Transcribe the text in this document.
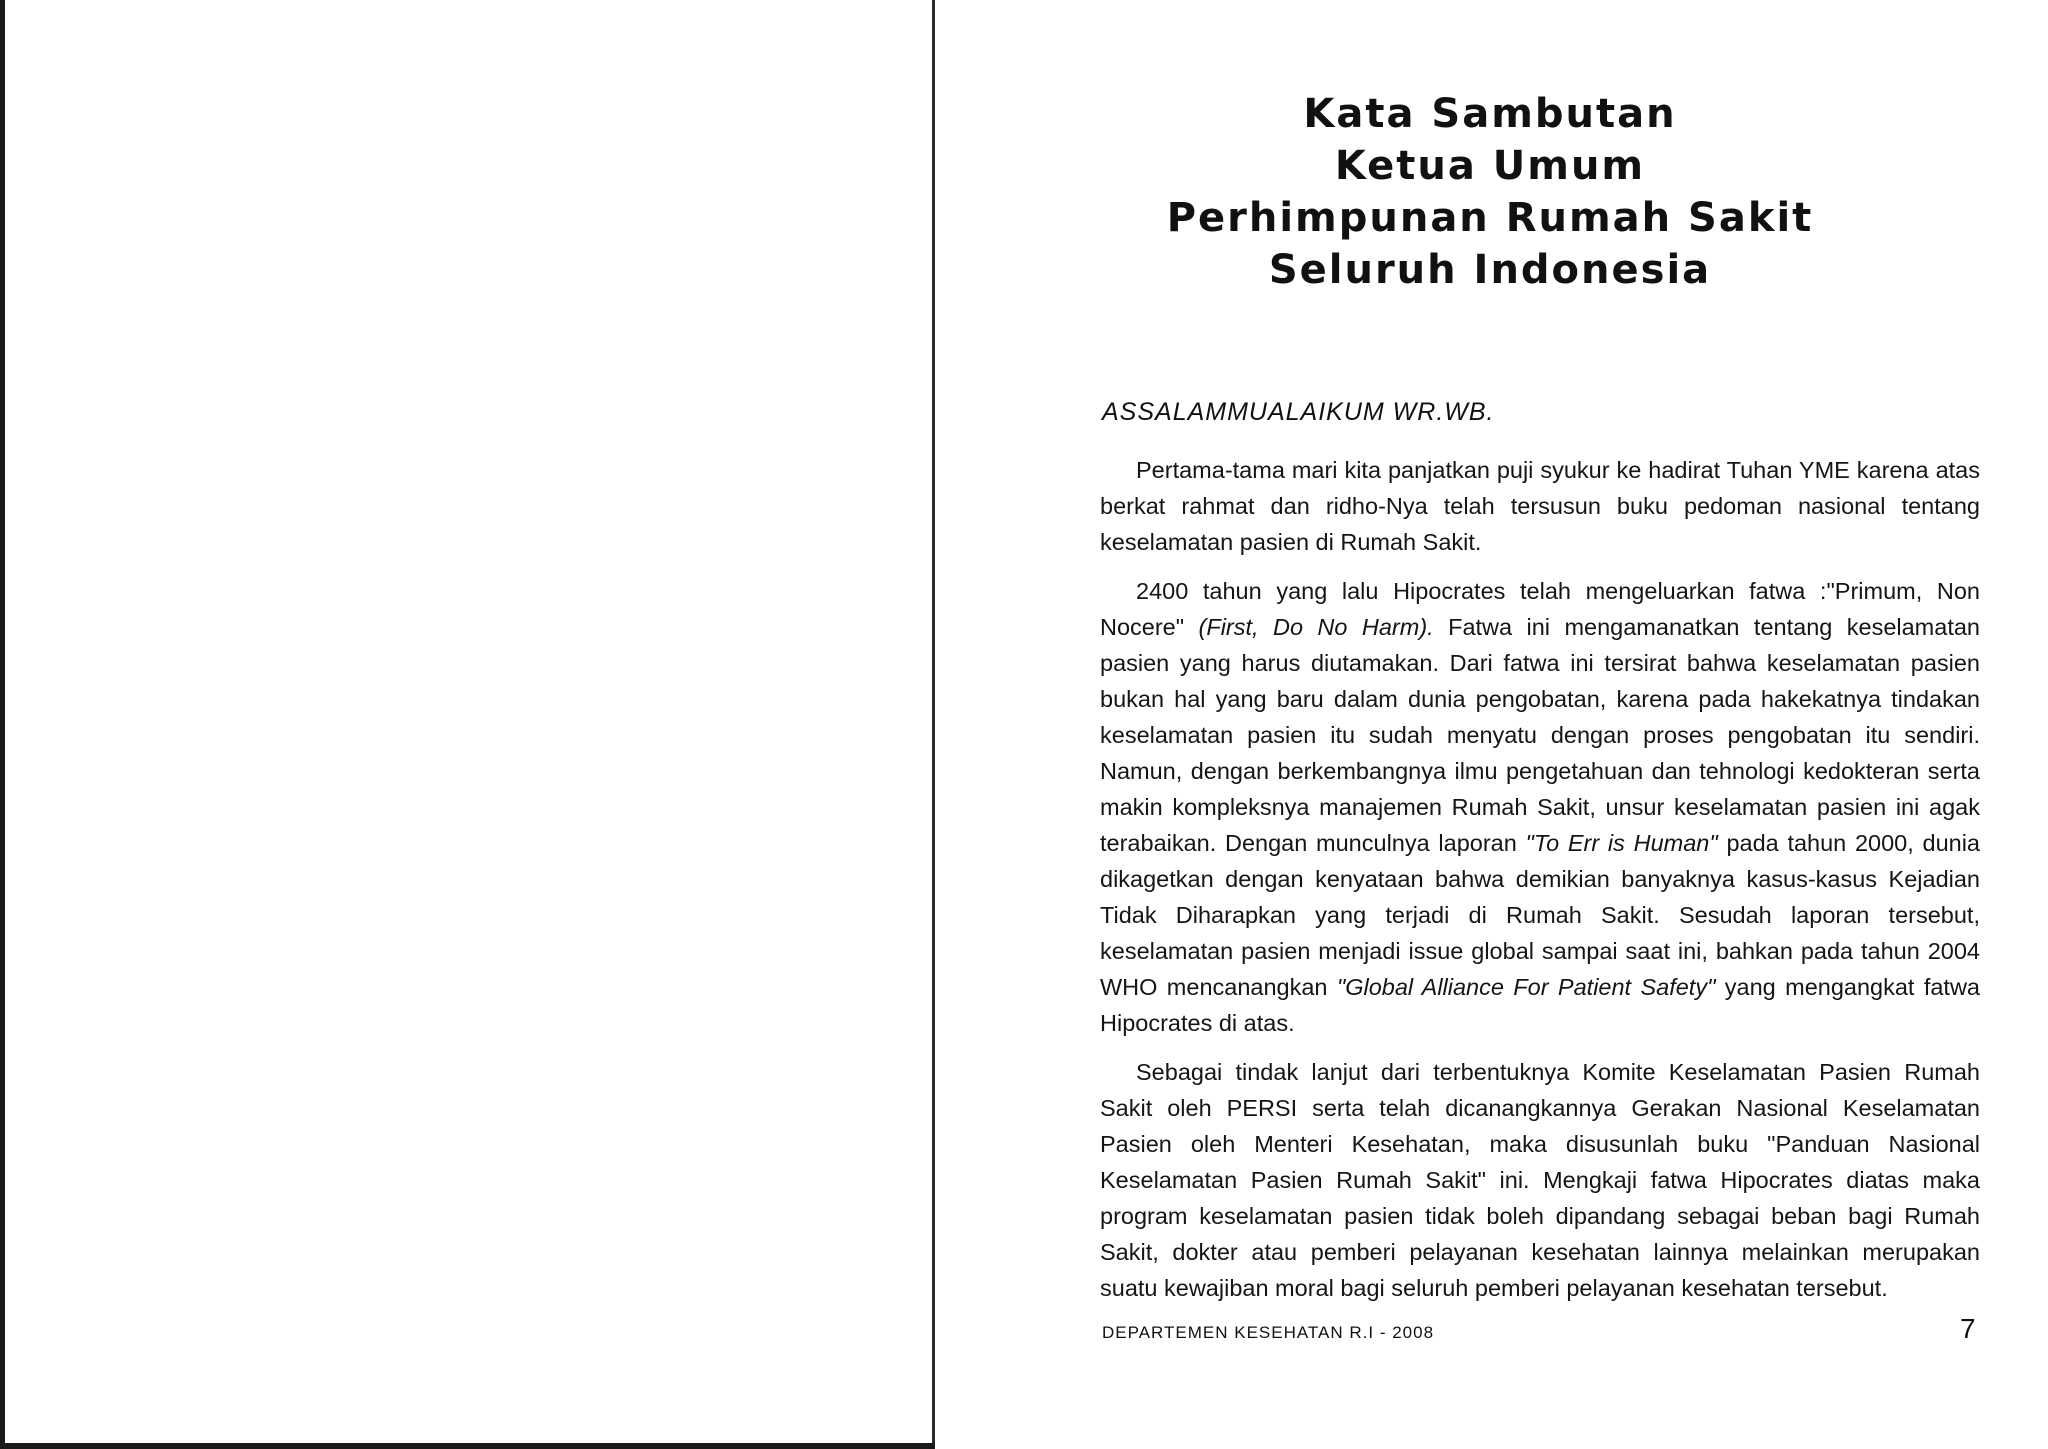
Kata Sambutan
Ketua Umum
Perhimpunan Rumah Sakit
Seluruh Indonesia
ASSALAMMUALAIKUM WR.WB.

Pertama-tama mari kita panjatkan puji syukur ke hadirat Tuhan YME karena atas berkat rahmat dan ridho-Nya telah tersusun buku pedoman nasional tentang keselamatan pasien di Rumah Sakit.

2400 tahun yang lalu Hipocrates telah mengeluarkan fatwa :"Primum, Non Nocere" (First, Do No Harm). Fatwa ini mengamanatkan tentang keselamatan pasien yang harus diutamakan. Dari fatwa ini tersirat bahwa keselamatan pasien bukan hal yang baru dalam dunia pengobatan, karena pada hakekatnya tindakan keselamatan pasien itu sudah menyatu dengan proses pengobatan itu sendiri. Namun, dengan berkembangnya ilmu pengetahuan dan tehnologi kedokteran serta makin kompleksnya manajemen Rumah Sakit, unsur keselamatan pasien ini agak terabaikan. Dengan munculnya laporan "To Err is Human" pada tahun 2000, dunia dikagetkan dengan kenyataan bahwa demikian banyaknya kasus-kasus Kejadian Tidak Diharapkan yang terjadi di Rumah Sakit. Sesudah laporan tersebut, keselamatan pasien menjadi issue global sampai saat ini, bahkan pada tahun 2004 WHO mencanangkan "Global Alliance For Patient Safety" yang mengangkat fatwa Hipocrates di atas.

Sebagai tindak lanjut dari terbentuknya Komite Keselamatan Pasien Rumah Sakit oleh PERSI serta telah dicanangkannya Gerakan Nasional Keselamatan Pasien oleh Menteri Kesehatan, maka disusunlah buku "Panduan Nasional Keselamatan Pasien Rumah Sakit" ini. Mengkaji fatwa Hipocrates diatas maka program keselamatan pasien tidak boleh dipandang sebagai beban bagi Rumah Sakit, dokter atau pemberi pelayanan kesehatan lainnya melainkan merupakan suatu kewajiban moral bagi seluruh pemberi pelayanan kesehatan tersebut.

DEPARTEMEN KESEHATAN R.I - 2008	7
